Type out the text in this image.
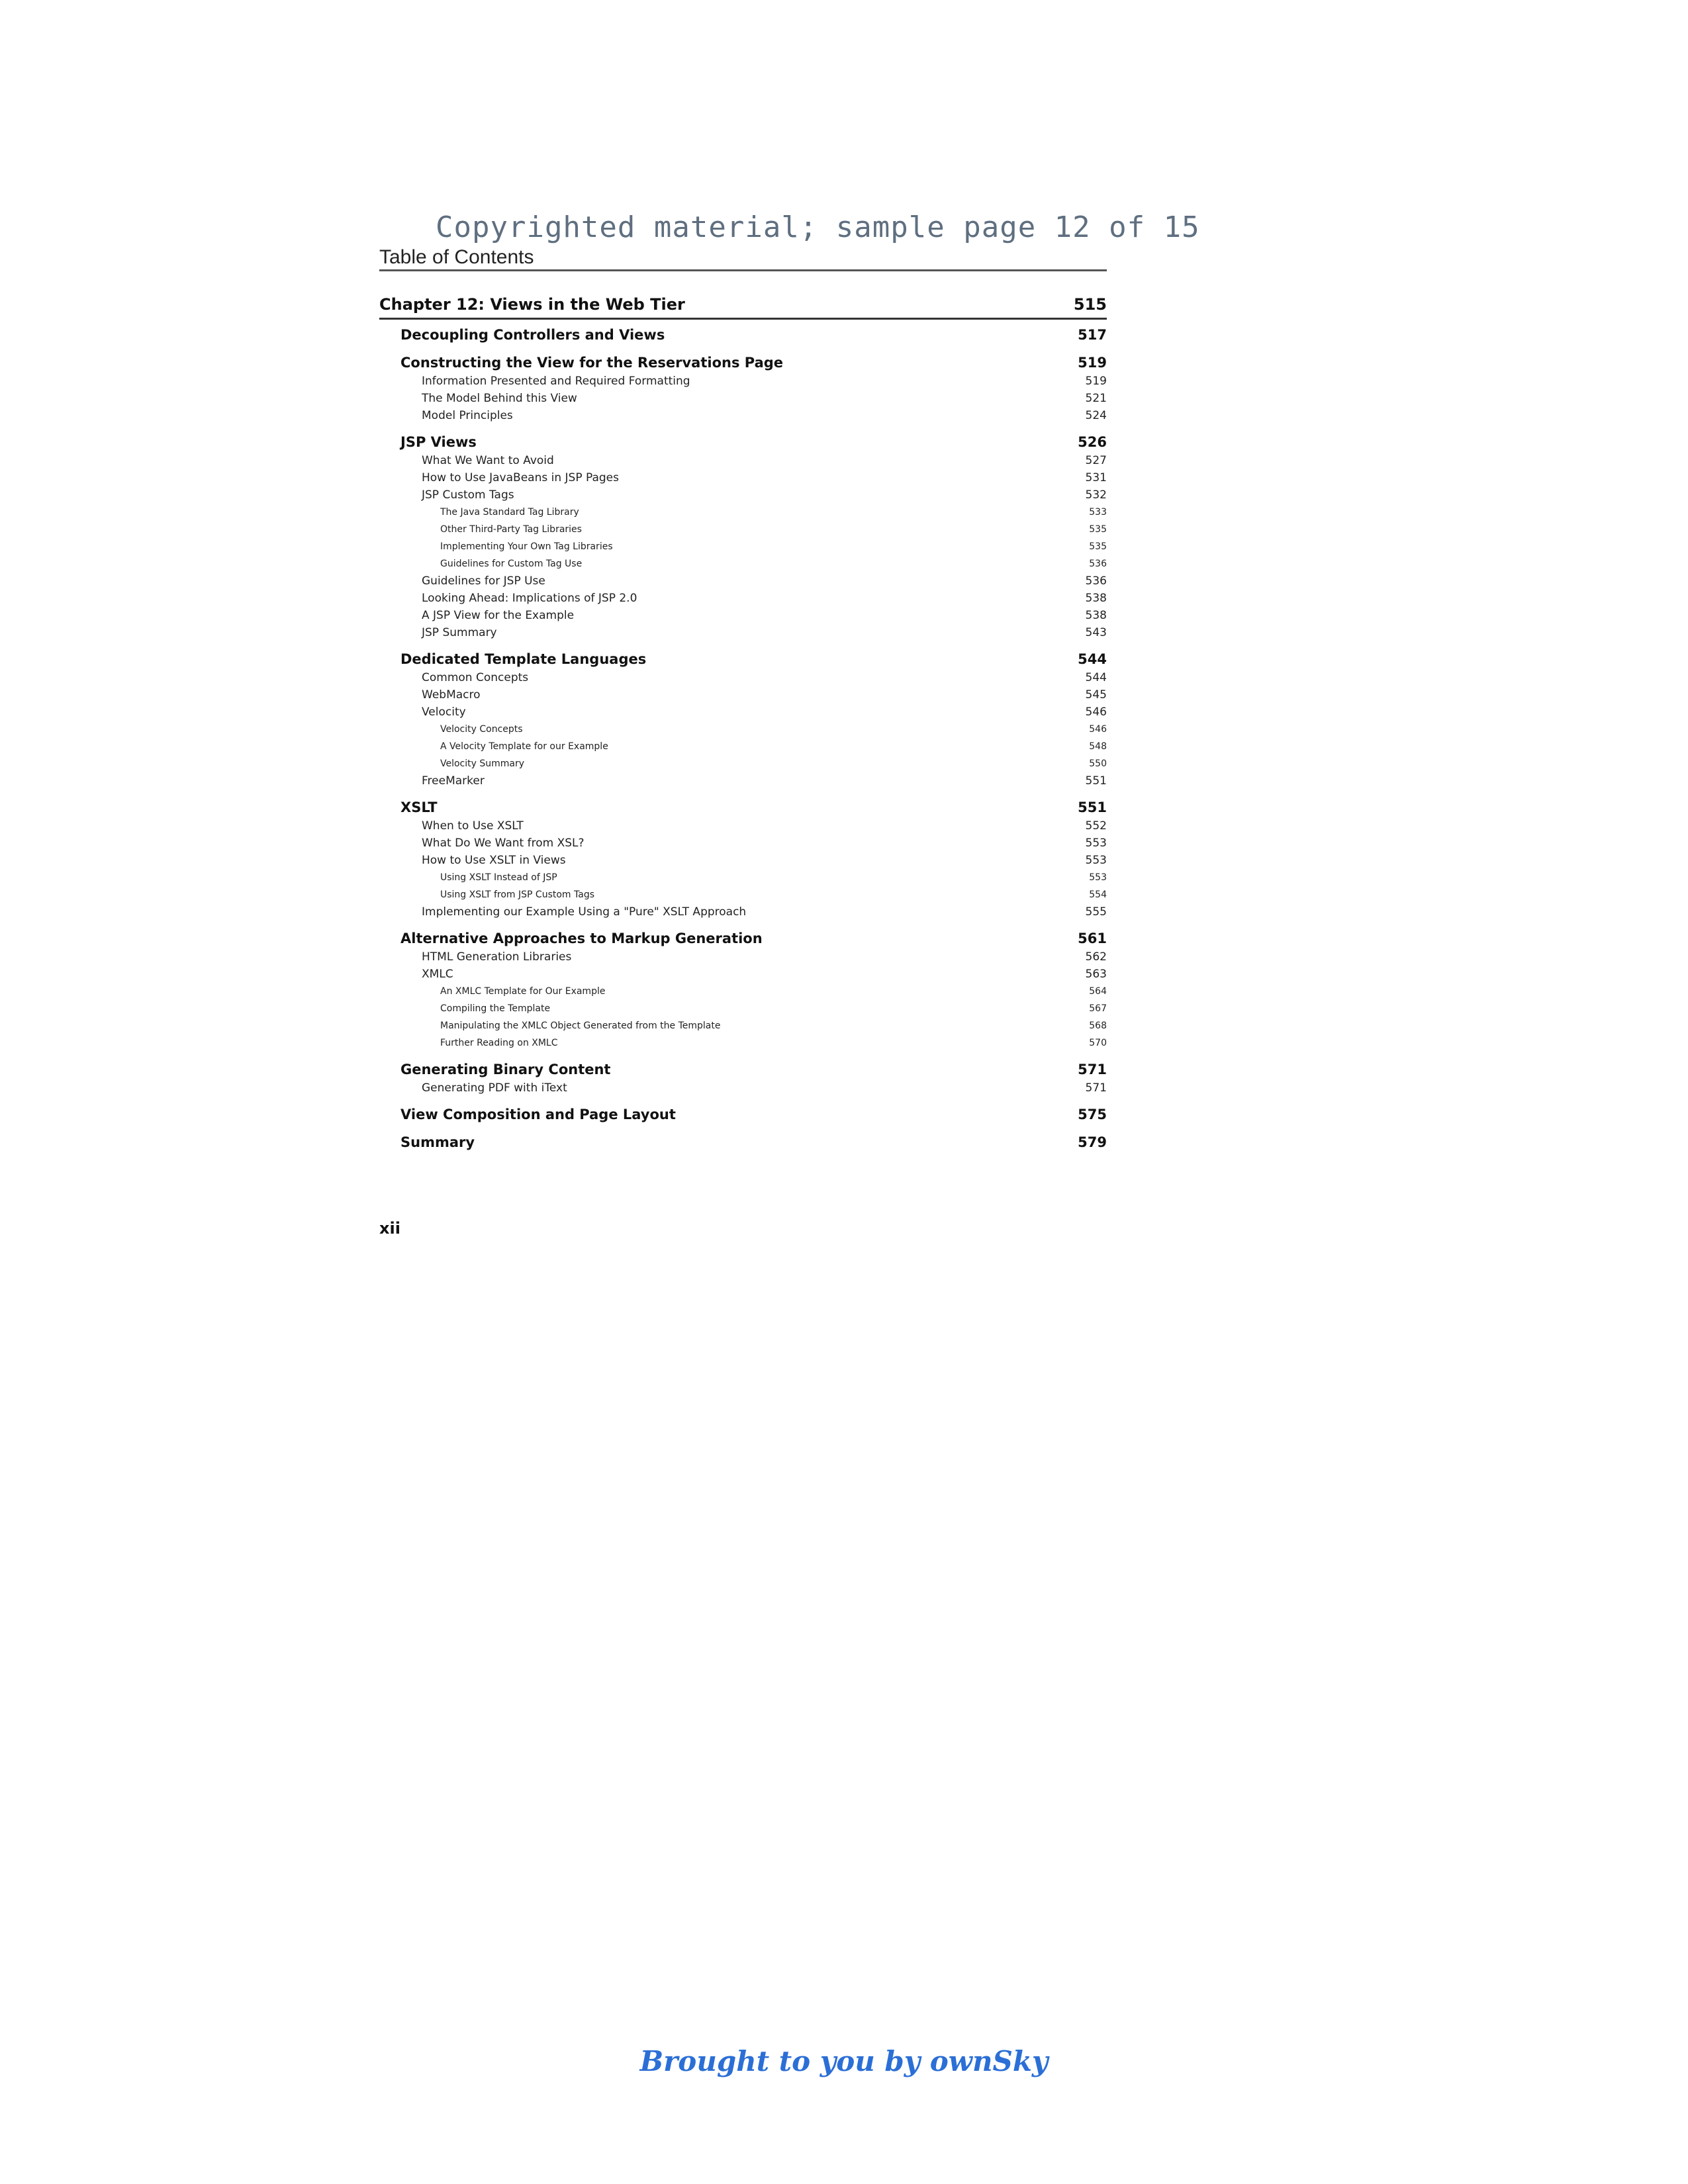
Copyrighted material; sample page 12 of 15
Table of Contents
Chapter 12: Views in the Web Tier	515
Decoupling Controllers and Views	517
Constructing the View for the Reservations Page	519
Information Presented and Required Formatting	519
The Model Behind this View	521
Model Principles	524
JSP Views	526
What We Want to Avoid	527
How to Use JavaBeans in JSP Pages	531
JSP Custom Tags	532
The Java Standard Tag Library	533
Other Third-Party Tag Libraries	535
Implementing Your Own Tag Libraries	535
Guidelines for Custom Tag Use	536
Guidelines for JSP Use	536
Looking Ahead: Implications of JSP 2.0	538
A JSP View for the Example	538
JSP Summary	543
Dedicated Template Languages	544
Common Concepts	544
WebMacro	545
Velocity	546
Velocity Concepts	546
A Velocity Template for our Example	548
Velocity Summary	550
FreeMarker	551
XSLT	551
When to Use XSLT	552
What Do We Want from XSL?	553
How to Use XSLT in Views	553
Using XSLT Instead of JSP	553
Using XSLT from JSP Custom Tags	554
Implementing our Example Using a "Pure" XSLT Approach	555
Alternative Approaches to Markup Generation	561
HTML Generation Libraries	562
XMLC	563
An XMLC Template for Our Example	564
Compiling the Template	567
Manipulating the XMLC Object Generated from the Template	568
Further Reading on XMLC	570
Generating Binary Content	571
Generating PDF with iText	571
View Composition and Page Layout	575
Summary	579
xii
Brought to you by ownSky
